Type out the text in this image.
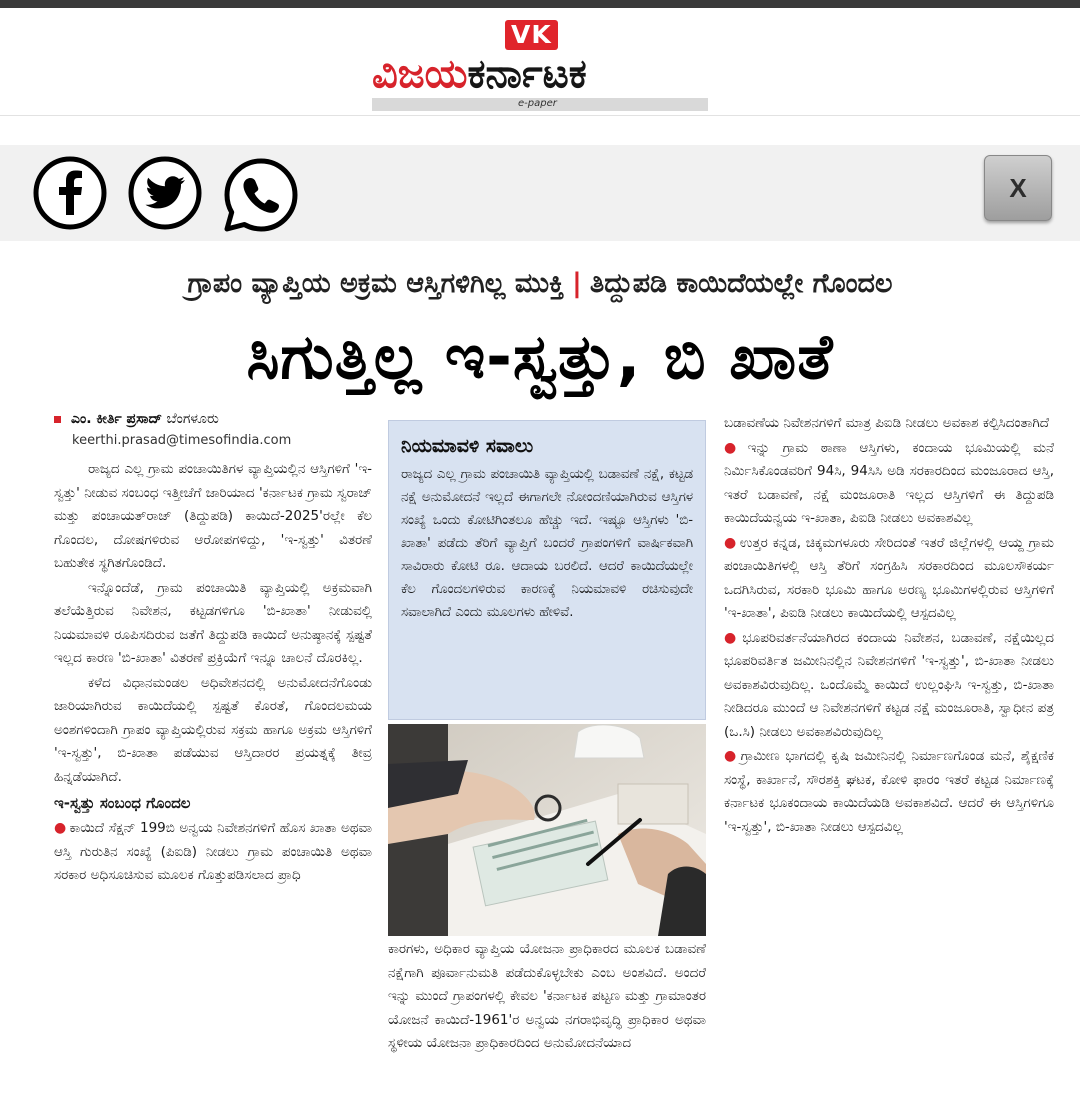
VK
ವಿಜಯಕರ್ನಾಟಕ
e-paper
X
ಗ್ರಾಪಂ ವ್ಯಾಪ್ತಿಯ ಅಕ್ರಮ ಆಸ್ತಿಗಳಿಗಿಲ್ಲ ಮುಕ್ತಿ | ತಿದ್ದುಪಡಿ ಕಾಯಿದೆಯಲ್ಲೇ ಗೊಂದಲ
ಸಿಗುತ್ತಿಲ್ಲ ಇ-ಸ್ವತ್ತು, ಬಿ ಖಾತೆ
ಎಂ. ಕೀರ್ತಿ ಪ್ರಸಾದ್ ಬೆಂಗಳೂರು
keerthi.prasad@timesofindia.com

ರಾಜ್ಯದ ಎಲ್ಲ ಗ್ರಾಮ ಪಂಚಾಯಿತಿಗಳ ವ್ಯಾಪ್ತಿಯಲ್ಲಿನ ಆಸ್ತಿಗಳಿಗೆ 'ಇ-ಸ್ವತ್ತು' ನೀಡುವ ಸಂಬಂಧ ಇತ್ತೀಚೆಗೆ ಜಾರಿಯಾದ 'ಕರ್ನಾಟಕ ಗ್ರಾಮ ಸ್ವರಾಜ್ ಮತ್ತು ಪಂಚಾಯತ್‌ರಾಜ್ (ತಿದ್ದುಪಡಿ) ಕಾಯಿದೆ-2025'ರಲ್ಲೇ ಕೆಲ ಗೊಂದಲ, ದೋಷಗಳಿರುವ ಆರೋಪಗಳಿದ್ದು, 'ಇ-ಸ್ವತ್ತು' ವಿತರಣೆ ಬಹುತೇಕ ಸ್ಥಗಿತಗೊಂಡಿದೆ.

ಇನ್ನೊಂದೆಡೆ, ಗ್ರಾಮ ಪಂಚಾಯಿತಿ ವ್ಯಾಪ್ತಿಯಲ್ಲಿ ಅಕ್ರಮವಾಗಿ ತಲೆಯೆತ್ತಿರುವ ನಿವೇಶನ, ಕಟ್ಟಡಗಳಿಗೂ 'ಬಿ-ಖಾತಾ' ನೀಡುವಲ್ಲಿ ನಿಯಮಾವಳಿ ರೂಪಿಸದಿರುವ ಜತೆಗೆ ತಿದ್ದುಪಡಿ ಕಾಯಿದೆ ಅನುಷ್ಠಾನಕ್ಕೆ ಸ್ಪಷ್ಟತೆ ಇಲ್ಲದ ಕಾರಣ 'ಬಿ-ಖಾತಾ' ವಿತರಣೆ ಪ್ರಕ್ರಿಯೆಗೆ ಇನ್ನೂ ಚಾಲನೆ ದೊರಕಿಲ್ಲ.

ಕಳೆದ ವಿಧಾನಮಂಡಲ ಅಧಿವೇಶನದಲ್ಲಿ ಅನುಮೋದನೆಗೊಂಡು ಜಾರಿಯಾಗಿರುವ ಕಾಯಿದೆಯಲ್ಲಿ ಸ್ಪಷ್ಟತೆ ಕೊರತೆ, ಗೊಂದಲಮಯ ಅಂಶಗಳಿಂದಾಗಿ ಗ್ರಾಪಂ ವ್ಯಾಪ್ತಿಯಲ್ಲಿರುವ ಸಕ್ರಮ ಹಾಗೂ ಅಕ್ರಮ ಆಸ್ತಿಗಳಿಗೆ 'ಇ-ಸ್ವತ್ತು', ಬಿ-ಖಾತಾ ಪಡೆಯುವ ಆಸ್ತಿದಾರರ ಪ್ರಯತ್ನಕ್ಕೆ ತೀವ್ರ ಹಿನ್ನಡೆಯಾಗಿದೆ.

ಇ-ಸ್ವತ್ತು ಸಂಬಂಧ ಗೊಂದಲ

● ಕಾಯಿದೆ ಸೆಕ್ಷನ್ 199ಬಿ ಅನ್ವಯ ನಿವೇಶನಗಳಿಗೆ ಹೊಸ ಖಾತಾ ಅಥವಾ ಆಸ್ತಿ ಗುರುತಿನ ಸಂಖ್ಯೆ (ಪಿಐಡಿ) ನೀಡಲು ಗ್ರಾಮ ಪಂಚಾಯಿತಿ ಅಥವಾ ಸರಕಾರ ಅಧಿಸೂಚಿಸುವ ಮೂಲಕ ಗೊತ್ತುಪಡಿಸಲಾದ ಪ್ರಾಧಿ

ನಿಯಮಾವಳಿ ಸವಾಲು
ರಾಜ್ಯದ ಎಲ್ಲ ಗ್ರಾಮ ಪಂಚಾಯಿತಿ ವ್ಯಾಪ್ತಿಯಲ್ಲಿ ಬಡಾವಣೆ ನಕ್ಷೆ, ಕಟ್ಟಡ ನಕ್ಷೆ ಅನುಮೋದನೆ ಇಲ್ಲದೆ ಈಗಾಗಲೇ ನೋಂದಣಿಯಾಗಿರುವ ಆಸ್ತಿಗಳ ಸಂಖ್ಯೆ ಒಂದು ಕೋಟಿಗಿಂತಲೂ ಹೆಚ್ಚು ಇದೆ. ಇಷ್ಟೂ ಆಸ್ತಿಗಳು 'ಬಿ-ಖಾತಾ' ಪಡೆದು ತೆರಿಗೆ ವ್ಯಾಪ್ತಿಗೆ ಬಂದರೆ ಗ್ರಾಪಂಗಳಿಗೆ ವಾರ್ಷಿಕವಾಗಿ ಸಾವಿರಾರು ಕೋಟಿ ರೂ. ಆದಾಯ ಬರಲಿದೆ. ಆದರೆ ಕಾಯಿದೆಯಲ್ಲೇ ಕೆಲ ಗೊಂದಲಗಳಿರುವ ಕಾರಣಕ್ಕೆ ನಿಯಮಾವಳಿ ರಚಿಸುವುದೇ ಸವಾಲಾಗಿದೆ ಎಂದು ಮೂಲಗಳು ಹೇಳಿವೆ.

ಕಾರಗಳು, ಅಧಿಕಾರ ವ್ಯಾಪ್ತಿಯ ಯೋಜನಾ ಪ್ರಾಧಿಕಾರದ ಮೂಲಕ ಬಡಾವಣೆ ನಕ್ಷೆಗಾಗಿ ಪೂರ್ವಾನುಮತಿ ಪಡೆದುಕೊಳ್ಳಬೇಕು ಎಂಬ ಅಂಶವಿದೆ. ಅಂದರೆ ಇನ್ನು ಮುಂದೆ ಗ್ರಾಪಂಗಳಲ್ಲಿ ಕೇವಲ 'ಕರ್ನಾಟಕ ಪಟ್ಟಣ ಮತ್ತು ಗ್ರಾಮಾಂತರ ಯೋಜನೆ ಕಾಯಿದೆ-1961'ರ ಅನ್ವಯ ನಗರಾಭಿವೃದ್ಧಿ ಪ್ರಾಧಿಕಾರ ಅಥವಾ ಸ್ಥಳೀಯ ಯೋಜನಾ ಪ್ರಾಧಿಕಾರದಿಂದ ಅನುಮೋದನೆಯಾದ

ಬಡಾವಣೆಯ ನಿವೇಶನಗಳಿಗೆ ಮಾತ್ರ ಪಿಐಡಿ ನೀಡಲು ಅವಕಾಶ ಕಲ್ಪಿಸಿದಂತಾಗಿದೆ

● ಇನ್ನು ಗ್ರಾಮ ಠಾಣಾ ಆಸ್ತಿಗಳು, ಕಂದಾಯ ಭೂಮಿಯಲ್ಲಿ ಮನೆ ನಿರ್ಮಿಸಿಕೊಂಡವರಿಗೆ 94ಸಿ, 94ಸಿಸಿ ಅಡಿ ಸರಕಾರದಿಂದ ಮಂಜೂರಾದ ಆಸ್ತಿ, ಇತರೆ ಬಡಾವಣೆ, ನಕ್ಷೆ ಮಂಜೂರಾತಿ ಇಲ್ಲದ ಆಸ್ತಿಗಳಿಗೆ ಈ ತಿದ್ದುಪಡಿ ಕಾಯಿದೆಯನ್ವಯ ಇ-ಖಾತಾ, ಪಿಐಡಿ ನೀಡಲು ಅವಕಾಶವಿಲ್ಲ

● ಉತ್ತರ ಕನ್ನಡ, ಚಿಕ್ಕಮಗಳೂರು ಸೇರಿದಂತೆ ಇತರೆ ಜಿಲ್ಲೆಗಳಲ್ಲಿ ಆಯ್ದ ಗ್ರಾಮ ಪಂಚಾಯಿತಿಗಳಲ್ಲಿ ಆಸ್ತಿ ತೆರಿಗೆ ಸಂಗ್ರಹಿಸಿ ಸರಕಾರದಿಂದ ಮೂಲಸೌಕರ್ಯ ಒದಗಿಸಿರುವ, ಸರಕಾರಿ ಭೂಮಿ ಹಾಗೂ ಅರಣ್ಯ ಭೂಮಿಗಳಲ್ಲಿರುವ ಆಸ್ತಿಗಳಿಗೆ 'ಇ-ಖಾತಾ', ಪಿಐಡಿ ನೀಡಲು ಕಾಯಿದೆಯಲ್ಲಿ ಆಸ್ಪದವಿಲ್ಲ

● ಭೂಪರಿವರ್ತನೆಯಾಗಿರದ ಕಂದಾಯ ನಿವೇಶನ, ಬಡಾವಣೆ, ನಕ್ಷೆಯಿಲ್ಲದ ಭೂಪರಿವರ್ತಿತ ಜಮೀನಿನಲ್ಲಿನ ನಿವೇಶನಗಳಿಗೆ 'ಇ-ಸ್ವತ್ತು', ಬಿ-ಖಾತಾ ನೀಡಲು ಅವಕಾಶವಿರುವುದಿಲ್ಲ. ಒಂದೊಮ್ಮೆ ಕಾಯಿದೆ ಉಲ್ಲಂಘಿಸಿ ಇ-ಸ್ವತ್ತು, ಬಿ-ಖಾತಾ ನೀಡಿದರೂ ಮುಂದೆ ಆ ನಿವೇಶನಗಳಿಗೆ ಕಟ್ಟಡ ನಕ್ಷೆ ಮಂಜೂರಾತಿ, ಸ್ವಾಧೀನ ಪತ್ರ (ಒ.ಸಿ) ನೀಡಲು ಅವಕಾಶವಿರುವುದಿಲ್ಲ

● ಗ್ರಾಮೀಣ ಭಾಗದಲ್ಲಿ ಕೃಷಿ ಜಮೀನಿನಲ್ಲಿ ನಿರ್ಮಾಣಗೊಂಡ ಮನೆ, ಶೈಕ್ಷಣಿಕ ಸಂಸ್ಥೆ, ಕಾರ್ಖಾನೆ, ಸೌರಶಕ್ತಿ ಘಟಕ, ಕೋಳಿ ಫಾರಂ ಇತರೆ ಕಟ್ಟಡ ನಿರ್ಮಾಣಕ್ಕೆ ಕರ್ನಾಟಕ ಭೂಕಂದಾಯ ಕಾಯಿದೆಯಡಿ ಅವಕಾಶವಿದೆ. ಆದರೆ ಈ ಆಸ್ತಿಗಳಿಗೂ 'ಇ-ಸ್ವತ್ತು', ಬಿ-ಖಾತಾ ನೀಡಲು ಆಸ್ಪದವಿಲ್ಲ
